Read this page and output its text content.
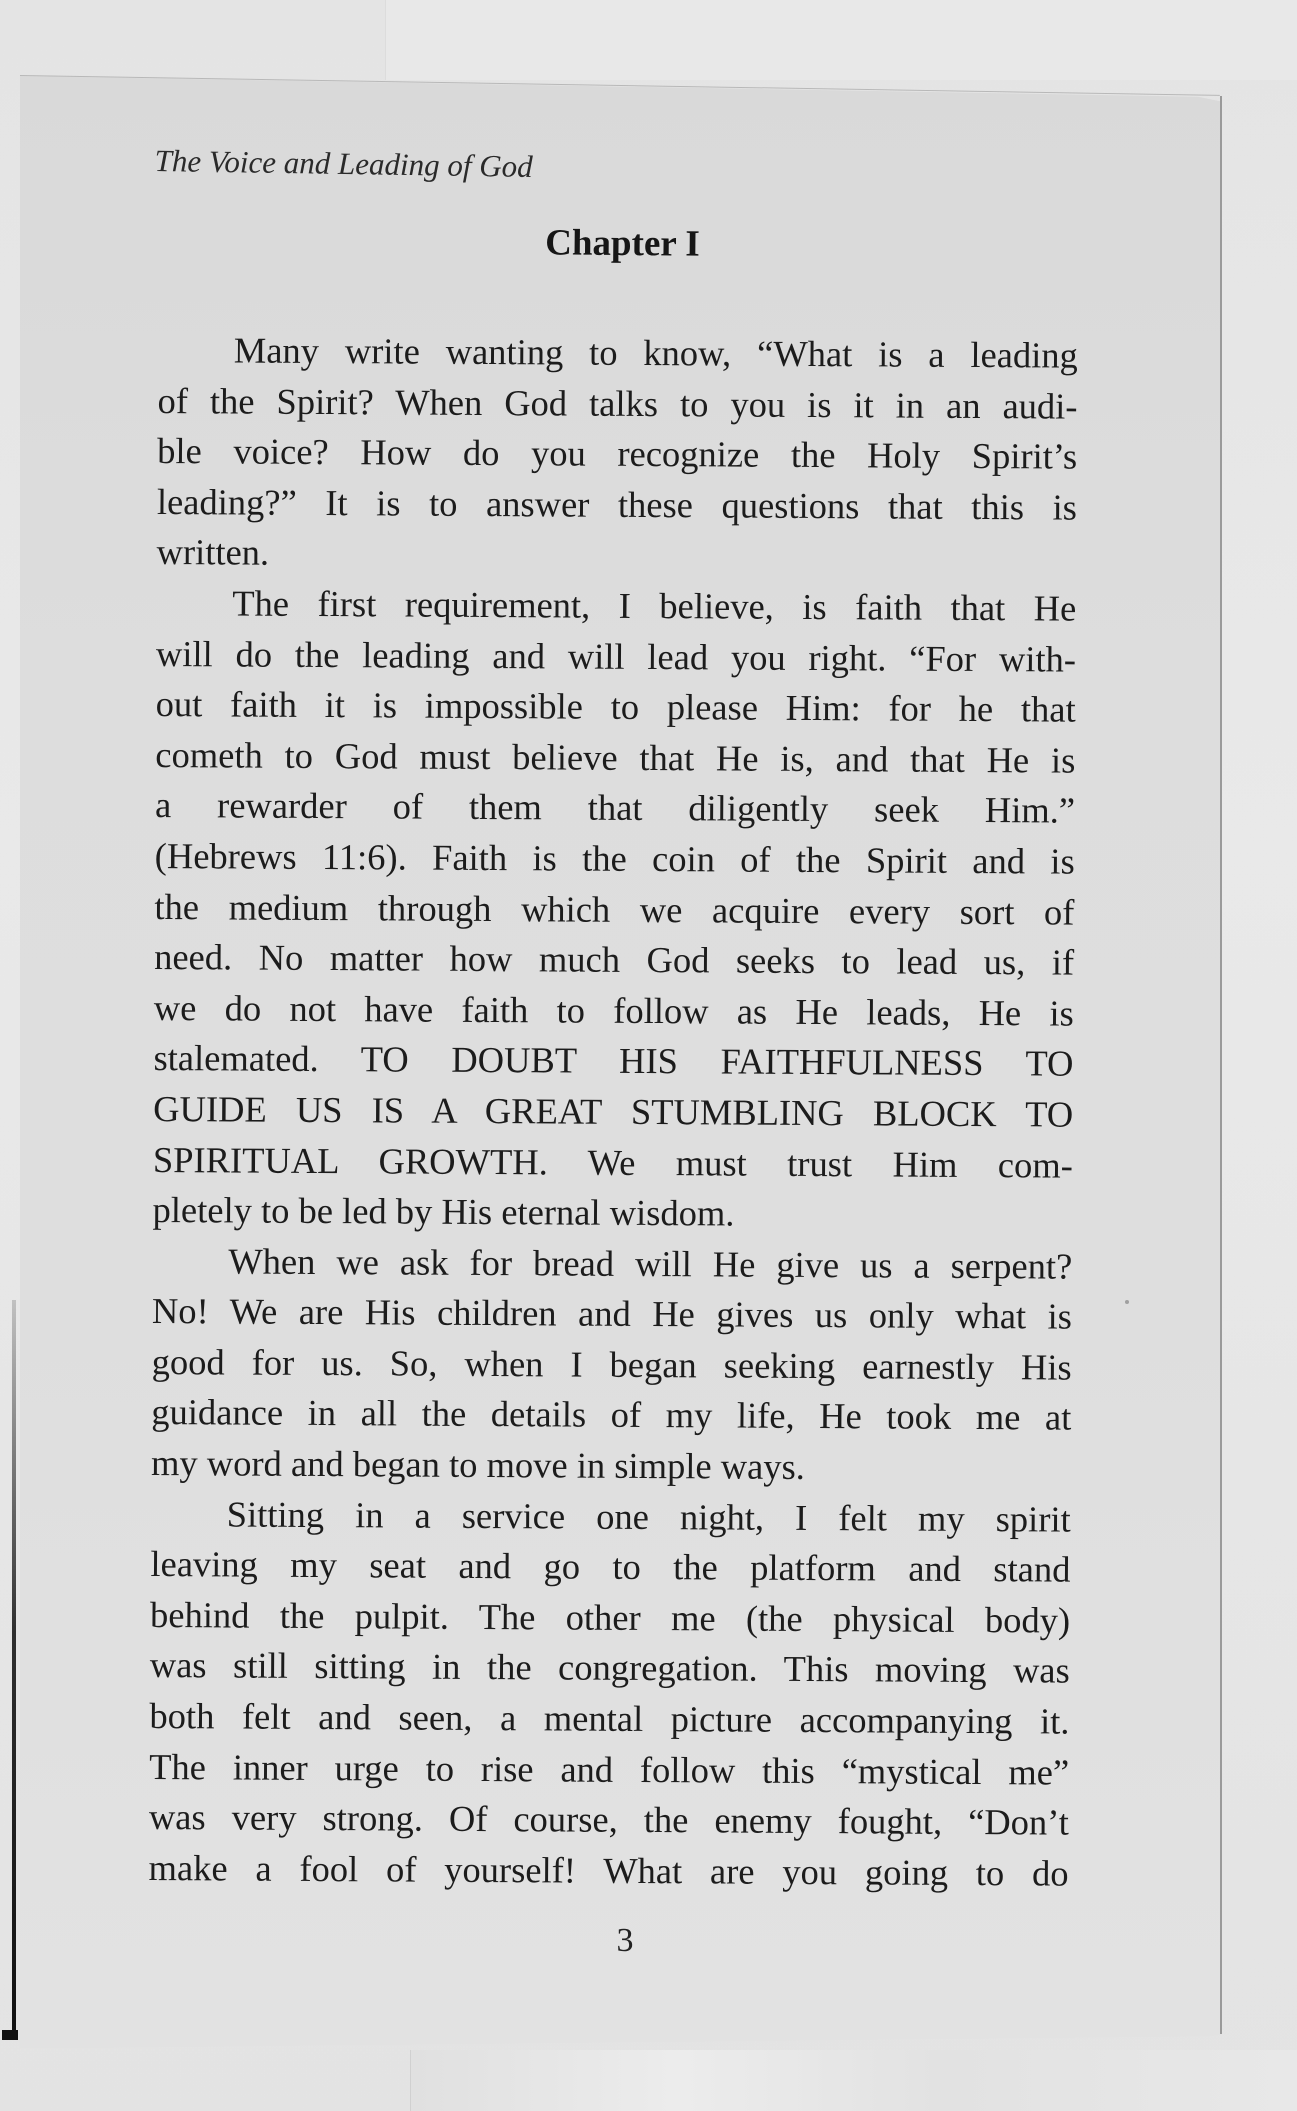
The Voice and Leading of God
Chapter I
Many write wanting to know, “What is a leading
of the Spirit? When God talks to you is it in an audi-
ble voice? How do you recognize the Holy Spirit’s
leading?” It is to answer these questions that this is
written.
The first requirement, I believe, is faith that He
will do the leading and will lead you right. “For with-
out faith it is impossible to please Him: for he that
cometh to God must believe that He is, and that He is
a rewarder of them that diligently seek Him.”
(Hebrews 11:6). Faith is the coin of the Spirit and is
the medium through which we acquire every sort of
need. No matter how much God seeks to lead us, if
we do not have faith to follow as He leads, He is
stalemated. TO DOUBT HIS FAITHFULNESS TO
GUIDE US IS A GREAT STUMBLING BLOCK TO
SPIRITUAL GROWTH. We must trust Him com-
pletely to be led by His eternal wisdom.
When we ask for bread will He give us a serpent?
No! We are His children and He gives us only what is
good for us. So, when I began seeking earnestly His
guidance in all the details of my life, He took me at
my word and began to move in simple ways.
Sitting in a service one night, I felt my spirit
leaving my seat and go to the platform and stand
behind the pulpit. The other me (the physical body)
was still sitting in the congregation. This moving was
both felt and seen, a mental picture accompanying it.
The inner urge to rise and follow this “mystical me”
was very strong. Of course, the enemy fought, “Don’t
make a fool of yourself! What are you going to do
3
